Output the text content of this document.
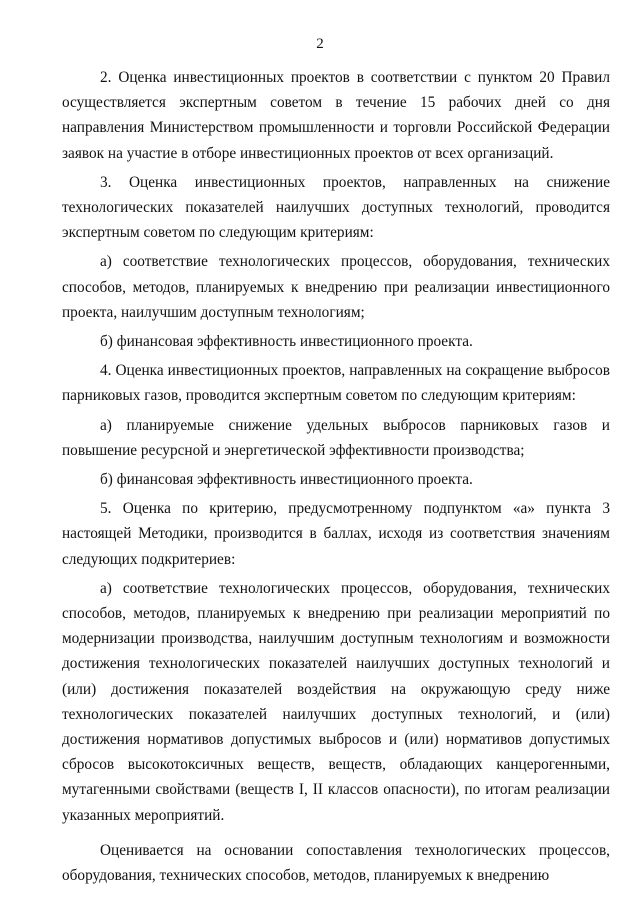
2

2. Оценка инвестиционных проектов в соответствии с пунктом 20 Правил осуществляется экспертным советом в течение 15 рабочих дней со дня направления Министерством промышленности и торговли Российской Федерации заявок на участие в отборе инвестиционных проектов от всех организаций.

3. Оценка инвестиционных проектов, направленных на снижение технологических показателей наилучших доступных технологий, проводится экспертным советом по следующим критериям:

а) соответствие технологических процессов, оборудования, технических способов, методов, планируемых к внедрению при реализации инвестиционного проекта, наилучшим доступным технологиям;

б) финансовая эффективность инвестиционного проекта.

4. Оценка инвестиционных проектов, направленных на сокращение выбросов парниковых газов, проводится экспертным советом по следующим критериям:

а) планируемые снижение удельных выбросов парниковых газов и повышение ресурсной и энергетической эффективности производства;

б) финансовая эффективность инвестиционного проекта.

5. Оценка по критерию, предусмотренному подпунктом «а» пункта 3 настоящей Методики, производится в баллах, исходя из соответствия значениям следующих подкритериев:

а) соответствие технологических процессов, оборудования, технических способов, методов, планируемых к внедрению при реализации мероприятий по модернизации производства, наилучшим доступным технологиям и возможности достижения технологических показателей наилучших доступных технологий и (или) достижения показателей воздействия на окружающую среду ниже технологических показателей наилучших доступных технологий, и (или) достижения нормативов допустимых выбросов и (или) нормативов допустимых сбросов высокотоксичных веществ, веществ, обладающих канцерогенными, мутагенными свойствами (веществ I, II классов опасности), по итогам реализации указанных мероприятий.

Оценивается на основании сопоставления технологических процессов, оборудования, технических способов, методов, планируемых к внедрению
